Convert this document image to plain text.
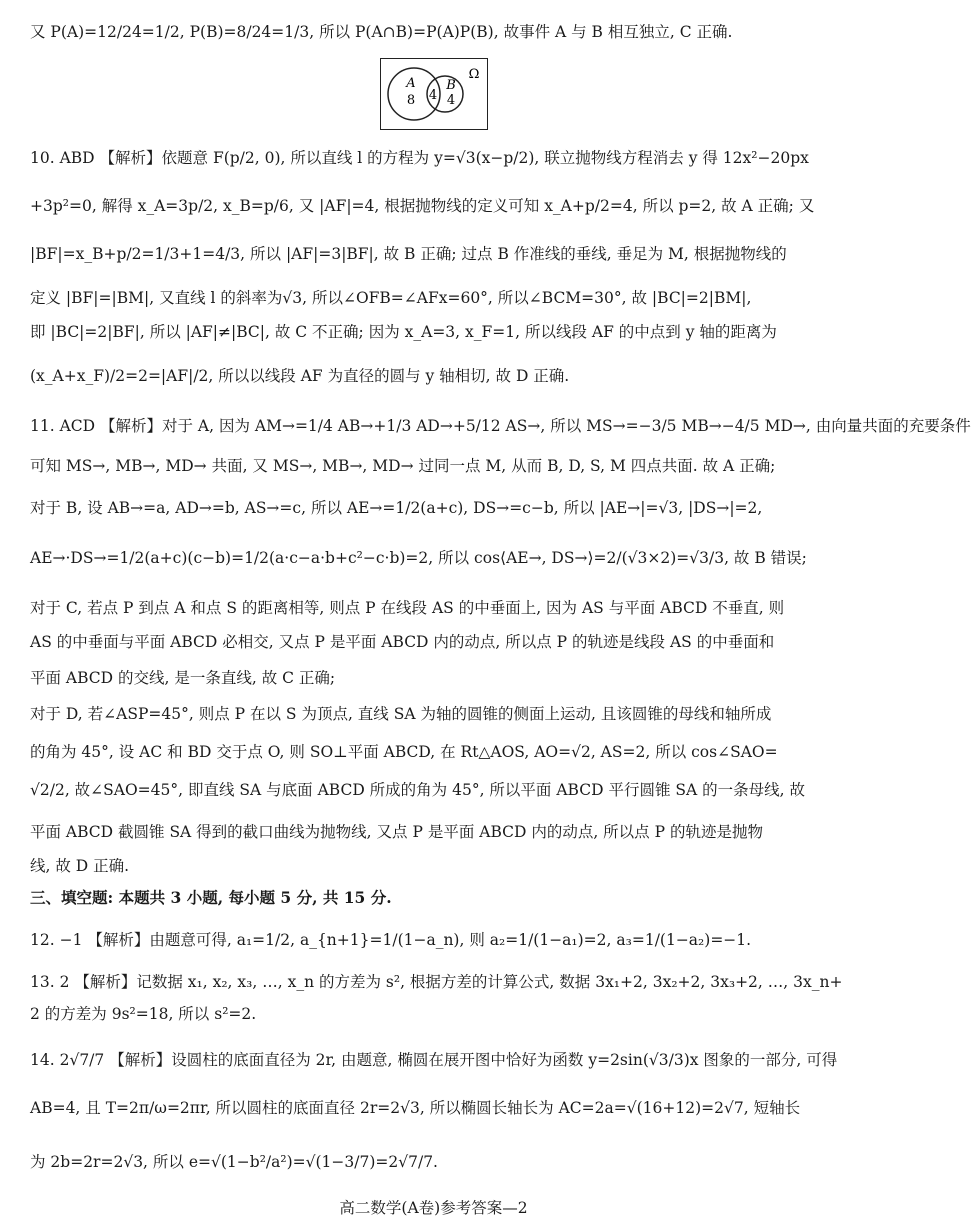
A
8 4
B
4
Ω
高二数学(A卷)参考答案—2
又 P(A)=12/24=1/2, P(B)=8/24=1/3, 所以 P(A∩B)=P(A)P(B), 故事件 A 与 B 相互独立, C 正确.
10. ABD 【解析】依题意 F(p/2, 0), 所以直线 l 的方程为 y=√3(x−p/2), 联立抛物线方程消去 y 得 12x²−20px
+3p²=0, 解得 x_A=3p/2, x_B=p/6, 又 |AF|=4, 根据抛物线的定义可知 x_A+p/2=4, 所以 p=2, 故 A 正确; 又
|BF|=x_B+p/2=1/3+1=4/3, 所以 |AF|=3|BF|, 故 B 正确; 过点 B 作准线的垂线, 垂足为 M, 根据抛物线的
定义 |BF|=|BM|, 又直线 l 的斜率为√3, 所以∠OFB=∠AFx=60°, 所以∠BCM=30°, 故 |BC|=2|BM|,
即 |BC|=2|BF|, 所以 |AF|≠|BC|, 故 C 不正确; 因为 x_A=3, x_F=1, 所以线段 AF 的中点到 y 轴的距离为
(x_A+x_F)/2=2=|AF|/2, 所以以线段 AF 为直径的圆与 y 轴相切, 故 D 正确.
11. ACD 【解析】对于 A, 因为 AM→=1/4 AB→+1/3 AD→+5/12 AS→, 所以 MS→=−3/5 MB→−4/5 MD→, 由向量共面的充要条件
可知 MS→, MB→, MD→ 共面, 又 MS→, MB→, MD→ 过同一点 M, 从而 B, D, S, M 四点共面. 故 A 正确;
对于 B, 设 AB→=a, AD→=b, AS→=c, 所以 AE→=1/2(a+c), DS→=c−b, 所以 |AE→|=√3, |DS→|=2,
AE→·DS→=1/2(a+c)(c−b)=1/2(a·c−a·b+c²−c·b)=2, 所以 cos⟨AE→, DS→⟩=2/(√3×2)=√3/3, 故 B 错误;
对于 C, 若点 P 到点 A 和点 S 的距离相等, 则点 P 在线段 AS 的中垂面上, 因为 AS 与平面 ABCD 不垂直, 则
AS 的中垂面与平面 ABCD 必相交, 又点 P 是平面 ABCD 内的动点, 所以点 P 的轨迹是线段 AS 的中垂面和
平面 ABCD 的交线, 是一条直线, 故 C 正确;
对于 D, 若∠ASP=45°, 则点 P 在以 S 为顶点, 直线 SA 为轴的圆锥的侧面上运动, 且该圆锥的母线和轴所成
的角为 45°, 设 AC 和 BD 交于点 O, 则 SO⊥平面 ABCD, 在 Rt△AOS, AO=√2, AS=2, 所以 cos∠SAO=
√2/2, 故∠SAO=45°, 即直线 SA 与底面 ABCD 所成的角为 45°, 所以平面 ABCD 平行圆锥 SA 的一条母线, 故
平面 ABCD 截圆锥 SA 得到的截口曲线为抛物线, 又点 P 是平面 ABCD 内的动点, 所以点 P 的轨迹是抛物
线, 故 D 正确.
三、填空题: 本题共 3 小题, 每小题 5 分, 共 15 分.
12. −1 【解析】由题意可得, a₁=1/2, a_{n+1}=1/(1−a_n), 则 a₂=1/(1−a₁)=2, a₃=1/(1−a₂)=−1.
13. 2 【解析】记数据 x₁, x₂, x₃, …, x_n 的方差为 s², 根据方差的计算公式, 数据 3x₁+2, 3x₂+2, 3x₃+2, …, 3x_n+
2 的方差为 9s²=18, 所以 s²=2.
14. 2√7/7 【解析】设圆柱的底面直径为 2r, 由题意, 椭圆在展开图中恰好为函数 y=2sin(√3/3)x 图象的一部分, 可得
AB=4, 且 T=2π/ω=2πr, 所以圆柱的底面直径 2r=2√3, 所以椭圆长轴长为 AC=2a=√(16+12)=2√7, 短轴长
为 2b=2r=2√3, 所以 e=√(1−b²/a²)=√(1−3/7)=2√7/7.
